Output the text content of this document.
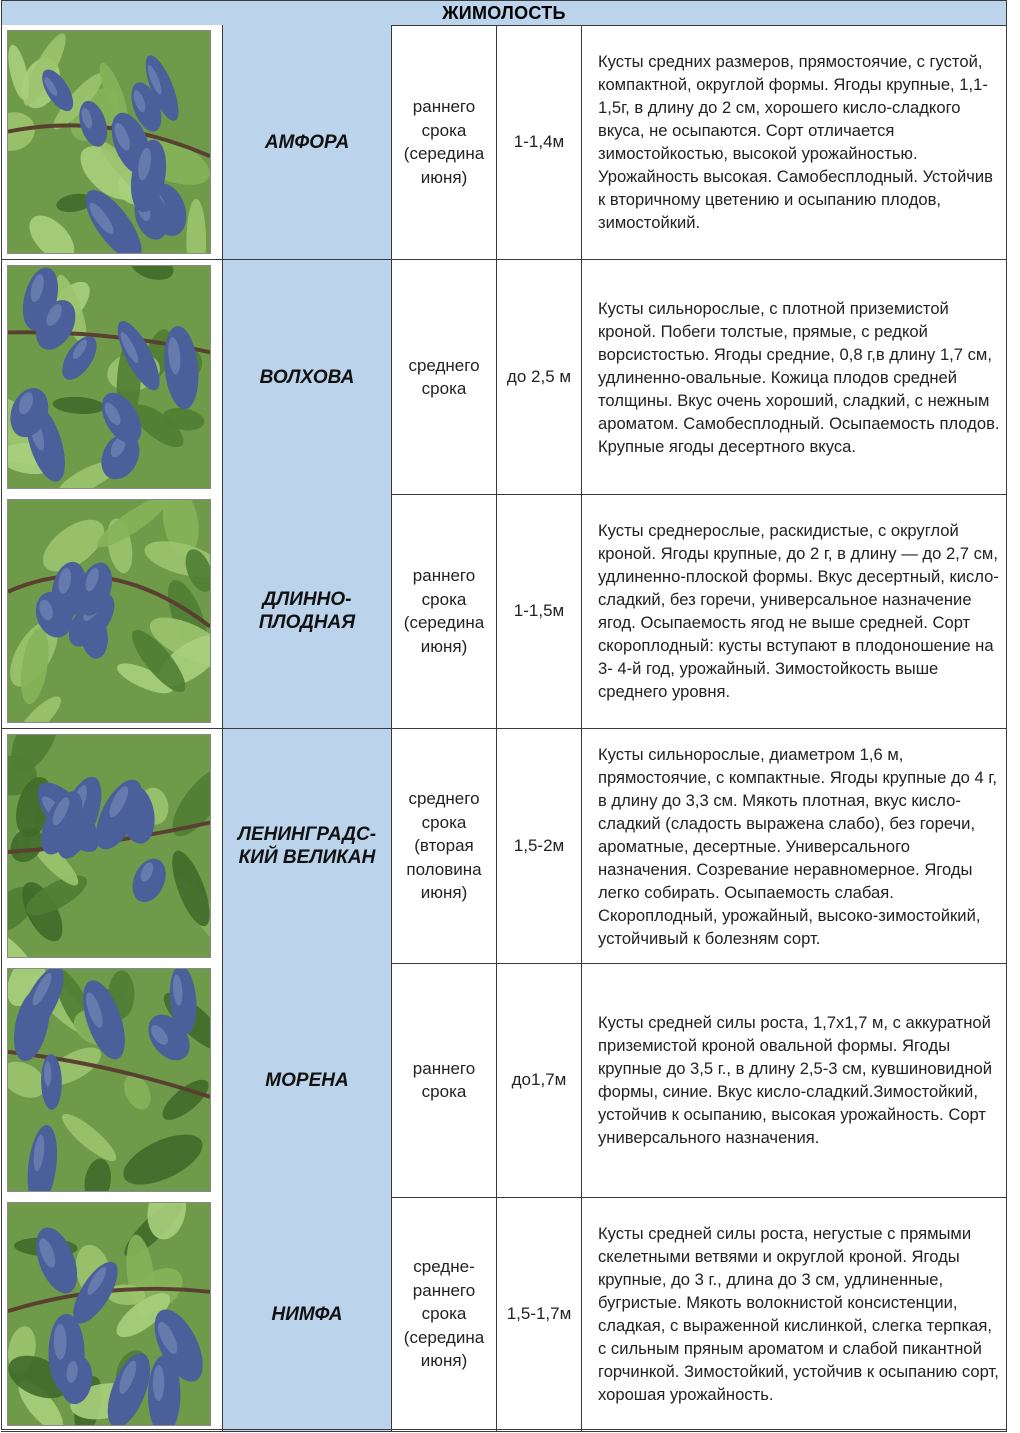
ЖИМОЛОСТЬ
АМФОРА
раннего срока (середина июня)
1-1,4м
Кусты средних размеров, прямостоячие, с густой, компактной, округлой формы. Ягоды крупные, 1,1-1,5г, в длину до 2 см, хорошего кисло-сладкого вкуса, не осыпаются. Сорт отличается зимостойкостью, высокой урожайностью. Урожайность высокая. Самобесплодный. Устойчив к вторичному цветению и осыпанию плодов, зимостойкий.
ВОЛХОВА
среднего срока
до 2,5 м
Кусты сильнорослые, с плотной приземистой кроной. Побеги толстые, прямые, с редкой ворсистостью. Ягоды средние, 0,8 г,в длину 1,7 см, удлиненно-овальные. Кожица плодов средней толщины. Вкус очень хороший, сладкий, с нежным ароматом. Самобесплодный. Осыпаемость плодов. Крупные ягоды десертного вкуса.
ДЛИННО-
ПЛОДНАЯ
раннего срока (середина июня)
1-1,5м
Кусты среднерослые, раскидистые, с округлой кроной. Ягоды крупные, до 2 г, в длину — до 2,7 см, удлиненно-плоской формы. Вкус десертный, кисло-сладкий, без горечи, универсальное назначение ягод. Осыпаемость ягод не выше средней. Сорт скороплодный: кусты вступают в плодоношение на 3- 4-й год, урожайный. Зимостойкость выше среднего уровня.
ЛЕНИНГРАДС-
КИЙ ВЕЛИКАН
среднего срока (вторая половина июня)
1,5-2м
Кусты сильнорослые, диаметром 1,6 м, прямостоячие, с компактные. Ягоды крупные до 4 г, в длину до 3,3 см. Мякоть плотная, вкус кисло-сладкий (сладость выражена слабо), без горечи, ароматные, десертные. Универсального назначения. Созревание неравномерное. Ягоды легко собирать. Осыпаемость слабая. Скороплодный, урожайный, высоко-зимостойкий, устойчивый к болезням сорт.
МОРЕНА
раннего срока
до1,7м
Кусты средней силы роста, 1,7х1,7 м, с аккуратной приземистой кроной овальной формы. Ягоды крупные до 3,5 г., в длину 2,5-3 см, кувшиновидной формы, синие. Вкус кисло-сладкий.Зимостойкий, устойчив к осыпанию, высокая урожайность. Сорт универсального назначения.
НИМФА
средне-раннего срока (середина июня)
1,5-1,7м
Кусты средней силы роста, негустые с прямыми скелетными ветвями и округлой кроной. Ягоды крупные, до 3 г., длина до 3 см, удлиненные, бугристые. Мякоть волокнистой консистенции, сладкая, с выраженной кислинкой, слегка терпкая, с сильным пряным ароматом и слабой пикантной горчинкой. Зимостойкий, устойчив к осыпанию сорт, хорошая урожайность.
